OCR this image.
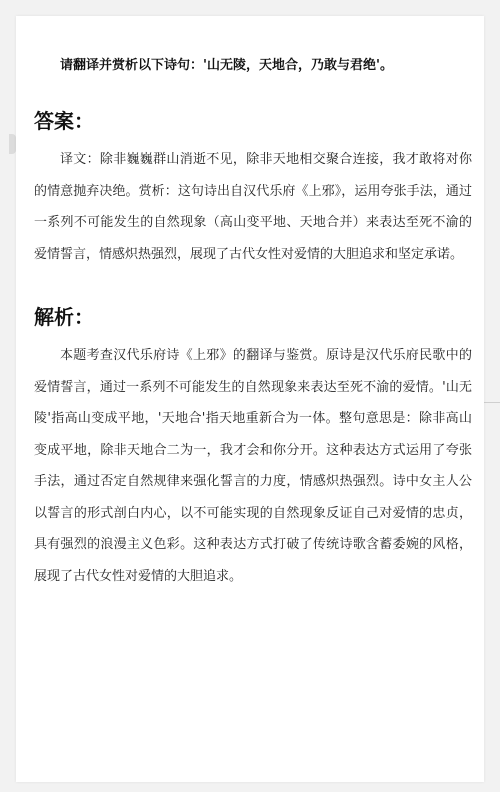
请翻译并赏析以下诗句：'山无陵，天地合，乃敢与君绝'。
答案：

译文：除非巍巍群山消逝不见，除非天地相交聚合连接，我才敢将对你的情意抛弃决绝。赏析：这句诗出自汉代乐府《上邪》，运用夸张手法，通过一系列不可能发生的自然现象（高山变平地、天地合并）来表达至死不渝的爱情誓言，情感炽热强烈，展现了古代女性对爱情的大胆追求和坚定承诺。

解析：

本题考查汉代乐府诗《上邪》的翻译与鉴赏。原诗是汉代乐府民歌中的爱情誓言，通过一系列不可能发生的自然现象来表达至死不渝的爱情。'山无陵'指高山变成平地，'天地合'指天地重新合为一体。整句意思是：除非高山变成平地，除非天地合二为一，我才会和你分开。这种表达方式运用了夸张手法，通过否定自然规律来强化誓言的力度，情感炽热强烈。诗中女主人公以誓言的形式剖白内心，以不可能实现的自然现象反证自己对爱情的忠贞，具有强烈的浪漫主义色彩。这种表达方式打破了传统诗歌含蓄委婉的风格，展现了古代女性对爱情的大胆追求。
